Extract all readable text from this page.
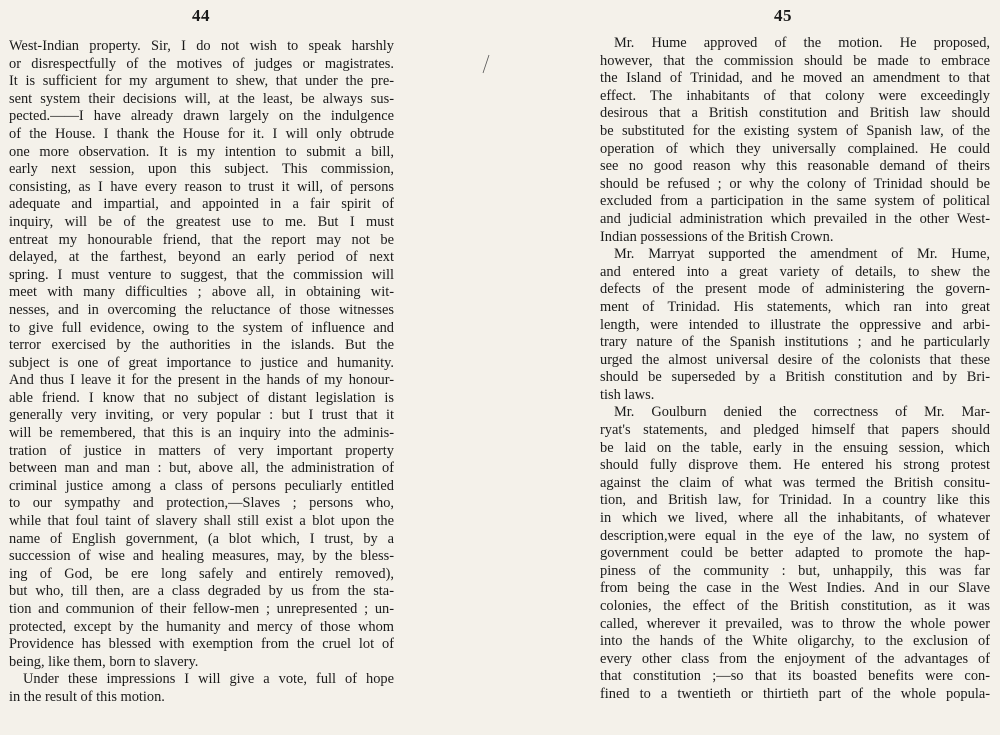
44
West-Indian property. Sir, I do not wish to speak harshly
or disrespectfully of the motives of judges or magistrates.
It is sufficient for my argument to shew, that under the pre-
sent system their decisions will, at the least, be always sus-
pected.——I have already drawn largely on the indulgence
of the House. I thank the House for it. I will only obtrude
one more observation. It is my intention to submit a bill,
early next session, upon this subject. This commission,
consisting, as I have every reason to trust it will, of persons
adequate and impartial, and appointed in a fair spirit of
inquiry, will be of the greatest use to me. But I must
entreat my honourable friend, that the report may not be
delayed, at the farthest, beyond an early period of next
spring. I must venture to suggest, that the commission will
meet with many difficulties ; above all, in obtaining wit-
nesses, and in overcoming the reluctance of those witnesses
to give full evidence, owing to the system of influence and
terror exercised by the authorities in the islands. But the
subject is one of great importance to justice and humanity.
And thus I leave it for the present in the hands of my honour-
able friend. I know that no subject of distant legislation is
generally very inviting, or very popular : but I trust that it
will be remembered, that this is an inquiry into the adminis-
tration of justice in matters of very important property
between man and man : but, above all, the administration of
criminal justice among a class of persons peculiarly entitled
to our sympathy and protection,—Slaves ; persons who,
while that foul taint of slavery shall still exist a blot upon the
name of English government, (a blot which, I trust, by a
succession of wise and healing measures, may, by the bless-
ing of God, be ere long safely and entirely removed),
but who, till then, are a class degraded by us from the sta-
tion and communion of their fellow-men ; unrepresented ; un-
protected, except by the humanity and mercy of those whom
Providence has blessed with exemption from the cruel lot of
being, like them, born to slavery.
Under these impressions I will give a vote, full of hope
in the result of this motion.
45
Mr. Hume approved of the motion. He proposed,
however, that the commission should be made to embrace
the Island of Trinidad, and he moved an amendment to that
effect. The inhabitants of that colony were exceedingly
desirous that a British constitution and British law should
be substituted for the existing system of Spanish law, of the
operation of which they universally complained. He could
see no good reason why this reasonable demand of theirs
should be refused ; or why the colony of Trinidad should be
excluded from a participation in the same system of political
and judicial administration which prevailed in the other West-
Indian possessions of the British Crown.
Mr. Marryat supported the amendment of Mr. Hume,
and entered into a great variety of details, to shew the
defects of the present mode of administering the govern-
ment of Trinidad. His statements, which ran into great
length, were intended to illustrate the oppressive and arbi-
trary nature of the Spanish institutions ; and he particularly
urged the almost universal desire of the colonists that these
should be superseded by a British constitution and by Bri-
tish laws.
Mr. Goulburn denied the correctness of Mr. Mar-
ryat's statements, and pledged himself that papers should
be laid on the table, early in the ensuing session, which
should fully disprove them. He entered his strong protest
against the claim of what was termed the British consitu-
tion, and British law, for Trinidad. In a country like this
in which we lived, where all the inhabitants, of whatever
description,were equal in the eye of the law, no system of
government could be better adapted to promote the hap-
piness of the community : but, unhappily, this was far
from being the case in the West Indies. And in our Slave
colonies, the effect of the British constitution, as it was
called, wherever it prevailed, was to throw the whole power
into the hands of the White oligarchy, to the exclusion of
every other class from the enjoyment of the advantages of
that constitution ;—so that its boasted benefits were con-
fined to a twentieth or thirtieth part of the whole popula-
